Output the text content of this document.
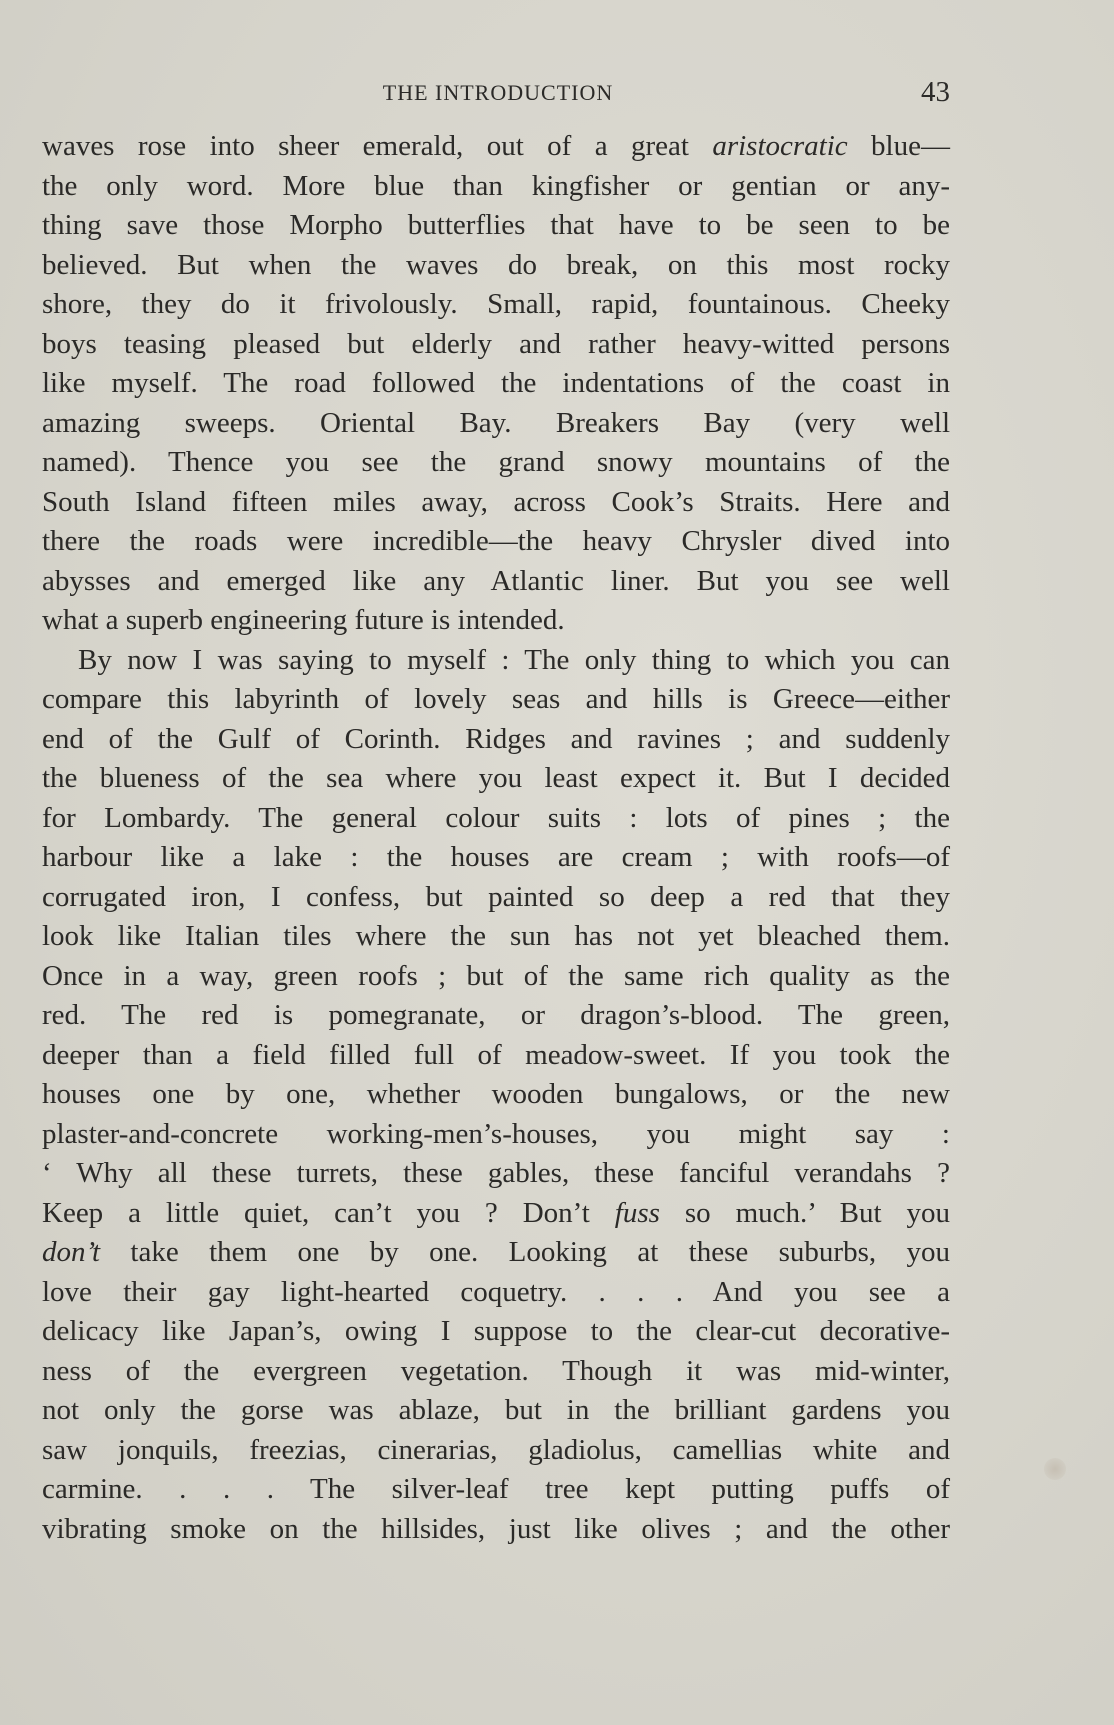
THE INTRODUCTION	43
waves rose into sheer emerald, out of a great aristocratic blue—
the only word. More blue than kingfisher or gentian or any-
thing save those Morpho butterflies that have to be seen to be
believed. But when the waves do break, on this most rocky
shore, they do it frivolously. Small, rapid, fountainous. Cheeky
boys teasing pleased but elderly and rather heavy-witted persons
like myself. The road followed the indentations of the coast in
amazing sweeps. Oriental Bay. Breakers Bay (very well
named). Thence you see the grand snowy mountains of the
South Island fifteen miles away, across Cook’s Straits. Here and
there the roads were incredible—the heavy Chrysler dived into
abysses and emerged like any Atlantic liner. But you see well
what a superb engineering future is intended.
By now I was saying to myself : The only thing to which you can
compare this labyrinth of lovely seas and hills is Greece—either
end of the Gulf of Corinth. Ridges and ravines ; and suddenly
the blueness of the sea where you least expect it. But I decided
for Lombardy. The general colour suits : lots of pines ; the
harbour like a lake : the houses are cream ; with roofs—of
corrugated iron, I confess, but painted so deep a red that they
look like Italian tiles where the sun has not yet bleached them.
Once in a way, green roofs ; but of the same rich quality as the
red. The red is pomegranate, or dragon’s-blood. The green,
deeper than a field filled full of meadow-sweet. If you took the
houses one by one, whether wooden bungalows, or the new
plaster-and-concrete working-men’s-houses, you might say :
‘ Why all these turrets, these gables, these fanciful verandahs ?
Keep a little quiet, can’t you ? Don’t fuss so much.’ But you
don’t take them one by one. Looking at these suburbs, you
love their gay light-hearted coquetry. . . . And you see a
delicacy like Japan’s, owing I suppose to the clear-cut decorative-
ness of the evergreen vegetation. Though it was mid-winter,
not only the gorse was ablaze, but in the brilliant gardens you
saw jonquils, freezias, cinerarias, gladiolus, camellias white and
carmine. . . . The silver-leaf tree kept putting puffs of
vibrating smoke on the hillsides, just like olives ; and the other
